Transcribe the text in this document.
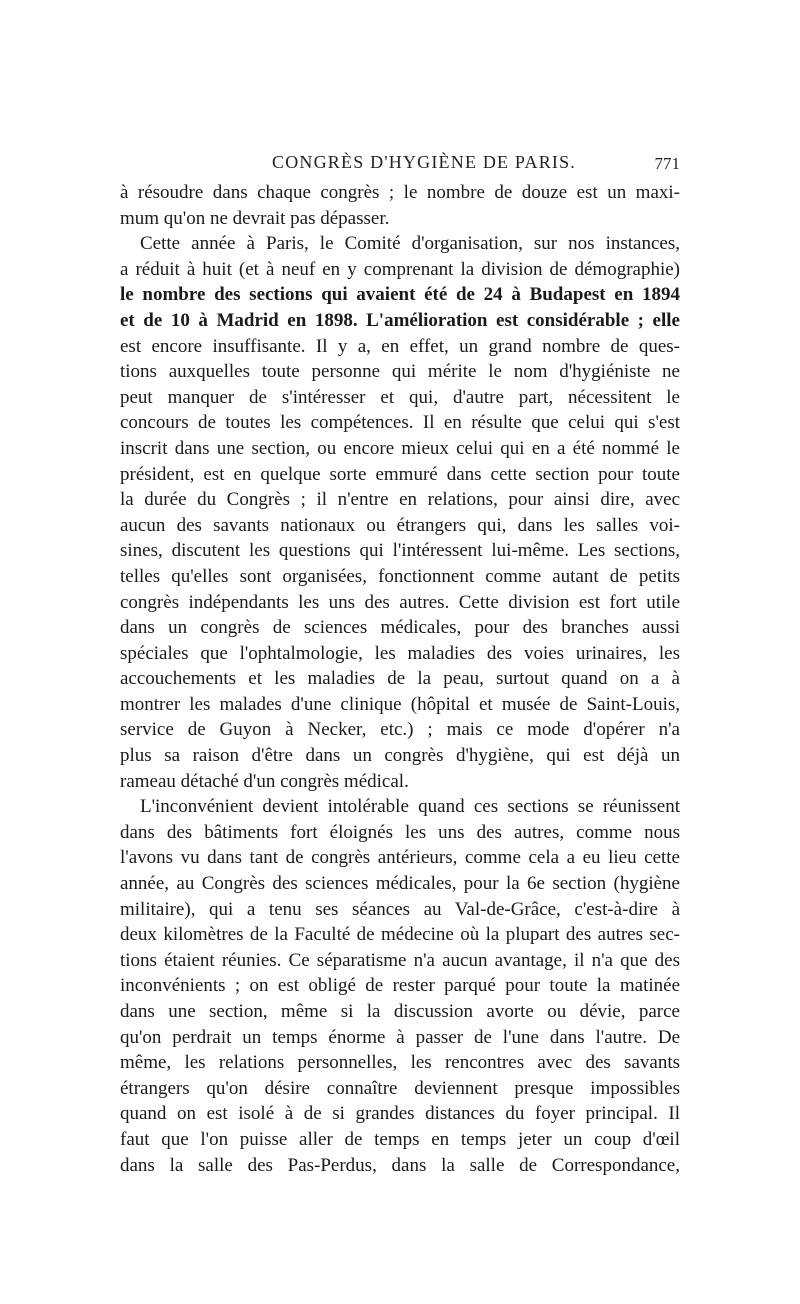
CONGRÈS D'HYGIÈNE DE PARIS.	771
à résoudre dans chaque congrès ; le nombre de douze est un maxi-
mum qu'on ne devrait pas dépasser.
Cette année à Paris, le Comité d'organisation, sur nos instances,
a réduit à huit (et à neuf en y comprenant la division de démographie)
le nombre des sections qui avaient été de 24 à Budapest en 1894
et de 10 à Madrid en 1898. L'amélioration est considérable ; elle
est encore insuffisante. Il y a, en effet, un grand nombre de ques-
tions auxquelles toute personne qui mérite le nom d'hygiéniste ne
peut manquer de s'intéresser et qui, d'autre part, nécessitent le
concours de toutes les compétences. Il en résulte que celui qui s'est
inscrit dans une section, ou encore mieux celui qui en a été nommé le
président, est en quelque sorte emmuré dans cette section pour toute
la durée du Congrès ; il n'entre en relations, pour ainsi dire, avec
aucun des savants nationaux ou étrangers qui, dans les salles voi-
sines, discutent les questions qui l'intéressent lui-même. Les sections,
telles qu'elles sont organisées, fonctionnent comme autant de petits
congrès indépendants les uns des autres. Cette division est fort utile
dans un congrès de sciences médicales, pour des branches aussi
spéciales que l'ophtalmologie, les maladies des voies urinaires, les
accouchements et les maladies de la peau, surtout quand on a à
montrer les malades d'une clinique (hôpital et musée de Saint-Louis,
service de Guyon à Necker, etc.) ; mais ce mode d'opérer n'a
plus sa raison d'être dans un congrès d'hygiène, qui est déjà un
rameau détaché d'un congrès médical.
L'inconvénient devient intolérable quand ces sections se réunissent
dans des bâtiments fort éloignés les uns des autres, comme nous
l'avons vu dans tant de congrès antérieurs, comme cela a eu lieu cette
année, au Congrès des sciences médicales, pour la 6e section (hygiène
militaire), qui a tenu ses séances au Val-de-Grâce, c'est-à-dire à
deux kilomètres de la Faculté de médecine où la plupart des autres sec-
tions étaient réunies. Ce séparatisme n'a aucun avantage, il n'a que des
inconvénients ; on est obligé de rester parqué pour toute la matinée
dans une section, même si la discussion avorte ou dévie, parce
qu'on perdrait un temps énorme à passer de l'une dans l'autre. De
même, les relations personnelles, les rencontres avec des savants
étrangers qu'on désire connaître deviennent presque impossibles
quand on est isolé à de si grandes distances du foyer principal. Il
faut que l'on puisse aller de temps en temps jeter un coup d'œil
dans la salle des Pas-Perdus, dans la salle de Correspondance,
